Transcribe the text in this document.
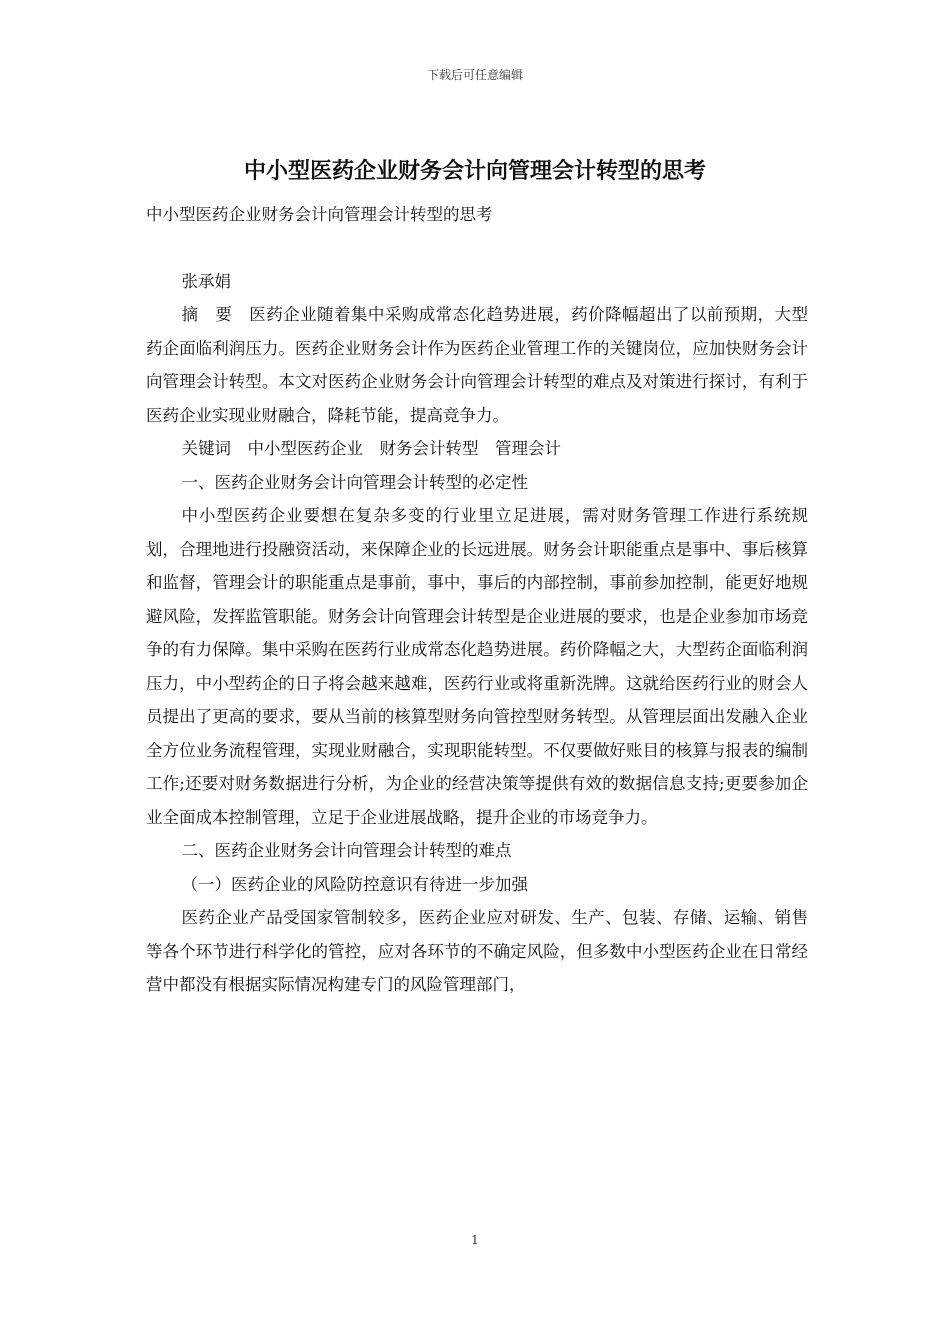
下载后可任意编辑
中小型医药企业财务会计向管理会计转型的思考

中小型医药企业财务会计向管理会计转型的思考

张承娟

摘　要　医药企业随着集中采购成常态化趋势进展，药价降幅超出了以前预期，大型药企面临利润压力。医药企业财务会计作为医药企业管理工作的关键岗位，应加快财务会计向管理会计转型。本文对医药企业财务会计向管理会计转型的难点及对策进行探讨，有利于医药企业实现业财融合，降耗节能，提高竞争力。

关键词　中小型医药企业　财务会计转型　管理会计

一、医药企业财务会计向管理会计转型的必定性

中小型医药企业要想在复杂多变的行业里立足进展，需对财务管理工作进行系统规划，合理地进行投融资活动，来保障企业的长远进展。财务会计职能重点是事中、事后核算和监督，管理会计的职能重点是事前，事中，事后的内部控制，事前参加控制，能更好地规避风险，发挥监管职能。财务会计向管理会计转型是企业进展的要求，也是企业参加市场竞争的有力保障。集中采购在医药行业成常态化趋势进展。药价降幅之大，大型药企面临利润压力，中小型药企的日子将会越来越难，医药行业或将重新洗牌。这就给医药行业的财会人员提出了更高的要求，要从当前的核算型财务向管控型财务转型。从管理层面出发融入企业全方位业务流程管理，实现业财融合，实现职能转型。不仅要做好账目的核算与报表的编制工作;还要对财务数据进行分析，为企业的经营决策等提供有效的数据信息支持;更要参加企业全面成本控制管理，立足于企业进展战略，提升企业的市场竞争力。

二、医药企业财务会计向管理会计转型的难点

（一）医药企业的风险防控意识有待进一步加强

医药企业产品受国家管制较多，医药企业应对研发、生产、包装、存储、运输、销售等各个环节进行科学化的管控，应对各环节的不确定风险，但多数中小型医药企业在日常经营中都没有根据实际情况构建专门的风险管理部门，

1
